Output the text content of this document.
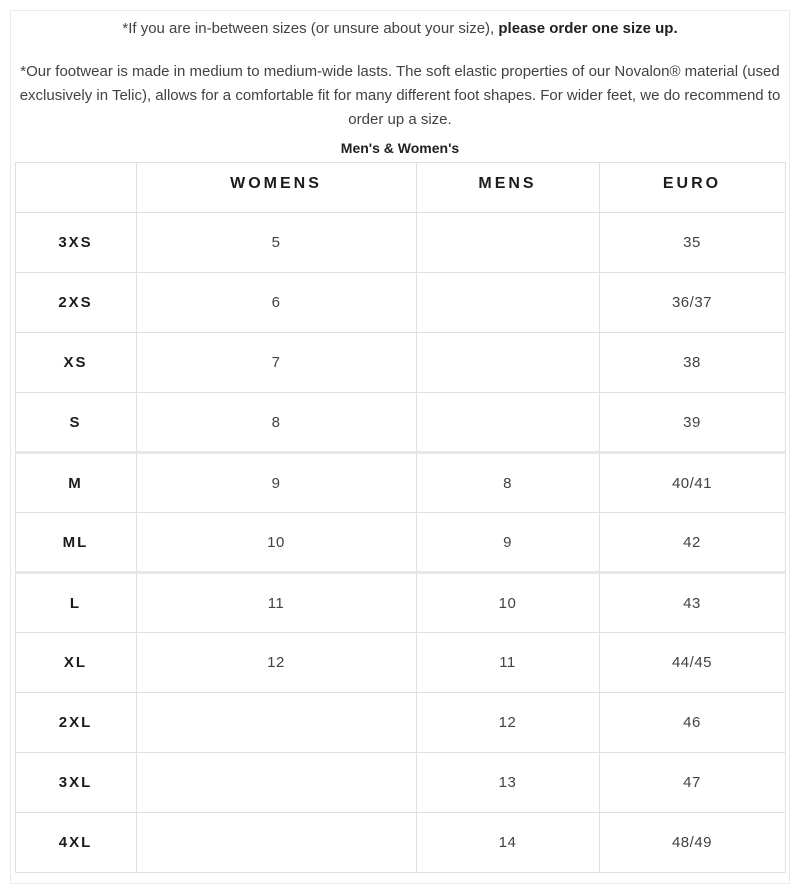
*If you are in-between sizes (or unsure about your size), please order one size up.
*Our footwear is made in medium to medium-wide lasts. The soft elastic properties of our Novalon® material (used exclusively in Telic), allows for a comfortable fit for many different foot shapes. For wider feet, we do recommend to order up a size.
Men's & Women's
	WOMENS	MENS	EURO
3XS	5		35
2XS	6		36/37
XS	7		38
S	8		39
M	9	8	40/41
ML	10	9	42
L	11	10	43
XL	12	11	44/45
2XL		12	46
3XL		13	47
4XL		14	48/49
